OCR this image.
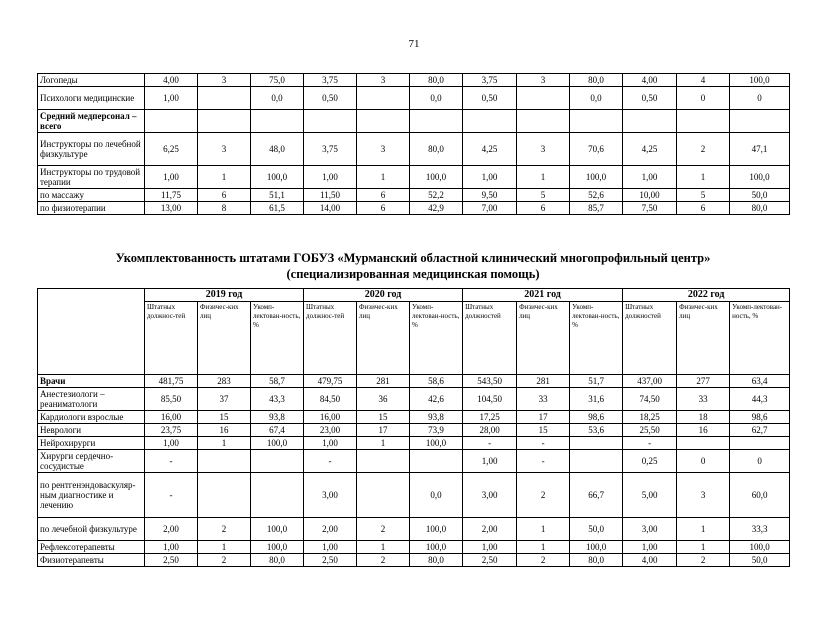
71
Логопеды	4,00	3	75,0	3,75	3	80,0	3,75	3	80,0	4,00	4	100,0
Психологи медицинские	1,00		0,0	0,50		0,0	0,50		0,0	0,50	0	0
Средний медперсонал – всего												
Инструкторы по лечебной физкультуре	6,25	3	48,0	3,75	3	80,0	4,25	3	70,6	4,25	2	47,1
Инструкторы по трудовой терапии	1,00	1	100,0	1,00	1	100,0	1,00	1	100,0	1,00	1	100,0
по массажу	11,75	6	51,1	11,50	6	52,2	9,50	5	52,6	10,00	5	50,0
по физиотерапии	13,00	8	61,5	14,00	6	42,9	7,00	6	85,7	7,50	6	80,0
Укомплектованность штатами ГОБУЗ «Мурманский областной клинический многопрофильный центр»
(специализированная медицинская помощь)
	2019 год			2020 год			2021 год			2022 год		
	Штатных должнос-тей	Физичес-ких лиц	Укомп-лектован-ность, %	Штатных должнос-тей	Физичес-ких лиц	Укомп-лектован-ность, %	Штатных должностей	Физичес-ких лиц	Укомп-лектован-ность, %	Штатных должностей	Физичес-ких лиц	Укомп-лектован-ность, %
Врачи	481,75	283	58,7	479,75	281	58,6	543,50	281	51,7	437,00	277	63,4
Анестезиологи – реаниматологи	85,50	37	43,3	84,50	36	42,6	104,50	33	31,6	74,50	33	44,3
Кардиологи взрослые	16,00	15	93,8	16,00	15	93,8	17,25	17	98,6	18,25	18	98,6
Неврологи	23,75	16	67,4	23,00	17	73,9	28,00	15	53,6	25,50	16	62,7
Нейрохирурги	1,00	1	100,0	1,00	1	100,0	-	-		-		
Хирурги сердечно-сосудистые	-			-			1,00	-		0,25	0	0
по рентгенэндоваскуляр-ным диагностике и лечению	-			3,00		0,0	3,00	2	66,7	5,00	3	60,0
по лечебной физкультуре	2,00	2	100,0	2,00	2	100,0	2,00	1	50,0	3,00	1	33,3
Рефлексотерапевты	1,00	1	100,0	1,00	1	100,0	1,00	1	100,0	1,00	1	100,0
Физиотерапевты	2,50	2	80,0	2,50	2	80,0	2,50	2	80,0	4,00	2	50,0
